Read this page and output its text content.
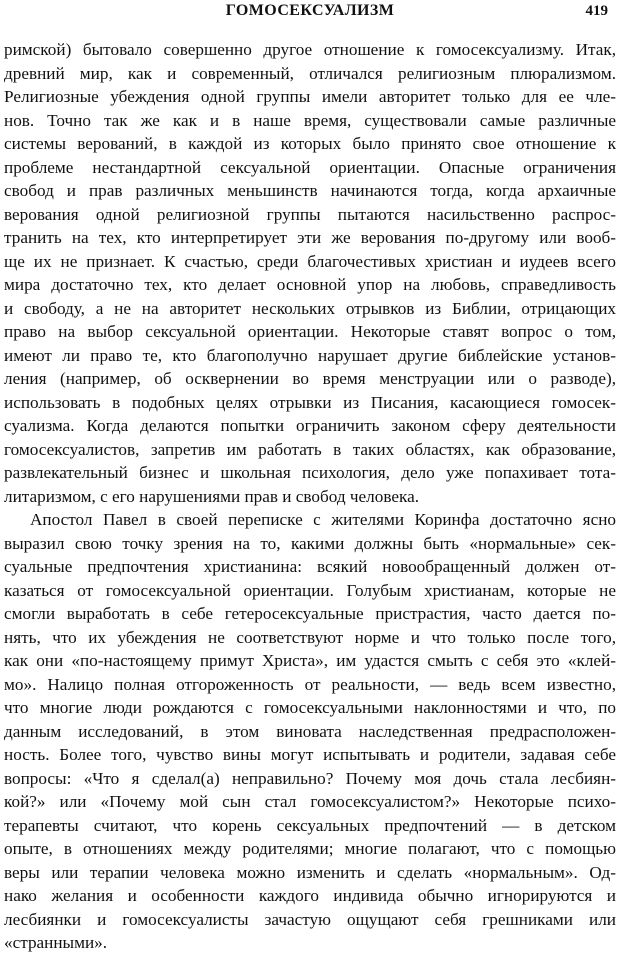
ГОМОСЕКСУАЛИЗМ	419
римской) бытовало совершенно другое отношение к гомосексуализму. Итак,
древний мир, как и современный, отличался религиозным плюрализмом.
Религиозные убеждения одной группы имели авторитет только для ее чле-
нов. Точно так же как и в наше время, существовали самые различные
системы верований, в каждой из которых было принято свое отношение к
проблеме нестандартной сексуальной ориентации. Опасные ограничения
свобод и прав различных меньшинств начинаются тогда, когда архаичные
верования одной религиозной группы пытаются насильственно распрос-
транить на тех, кто интерпретирует эти же верования по-другому или вооб-
ще их не признает. К счастью, среди благочестивых христиан и иудеев всего
мира достаточно тех, кто делает основной упор на любовь, справедливость
и свободу, а не на авторитет нескольких отрывков из Библии, отрицающих
право на выбор сексуальной ориентации. Некоторые ставят вопрос о том,
имеют ли право те, кто благополучно нарушает другие библейские установ-
ления (например, об осквернении во время менструации или о разводе),
использовать в подобных целях отрывки из Писания, касающиеся гомосек-
суализма. Когда делаются попытки ограничить законом сферу деятельности
гомосексуалистов, запретив им работать в таких областях, как образование,
развлекательный бизнес и школьная психология, дело уже попахивает тота-
литаризмом, с его нарушениями прав и свобод человека.
Апостол Павел в своей переписке с жителями Коринфа достаточно ясно
выразил свою точку зрения на то, какими должны быть «нормальные» сек-
суальные предпочтения христианина: всякий новообращенный должен от-
казаться от гомосексуальной ориентации. Голубым христианам, которые не
смогли выработать в себе гетеросексуальные пристрастия, часто дается по-
нять, что их убеждения не соответствуют норме и что только после того,
как они «по-настоящему примут Христа», им удастся смыть с себя это «клей-
мо». Налицо полная отгороженность от реальности, — ведь всем известно,
что многие люди рождаются с гомосексуальными наклонностями и что, по
данным исследований, в этом виновата наследственная предрасположен-
ность. Более того, чувство вины могут испытывать и родители, задавая себе
вопросы: «Что я сделал(а) неправильно? Почему моя дочь стала лесбиян-
кой?» или «Почему мой сын стал гомосексуалистом?» Некоторые психо-
терапевты считают, что корень сексуальных предпочтений — в детском
опыте, в отношениях между родителями; многие полагают, что с помощью
веры или терапии человека можно изменить и сделать «нормальным». Од-
нако желания и особенности каждого индивида обычно игнорируются и
лесбиянки и гомосексуалисты зачастую ощущают себя грешниками или
«странными».
